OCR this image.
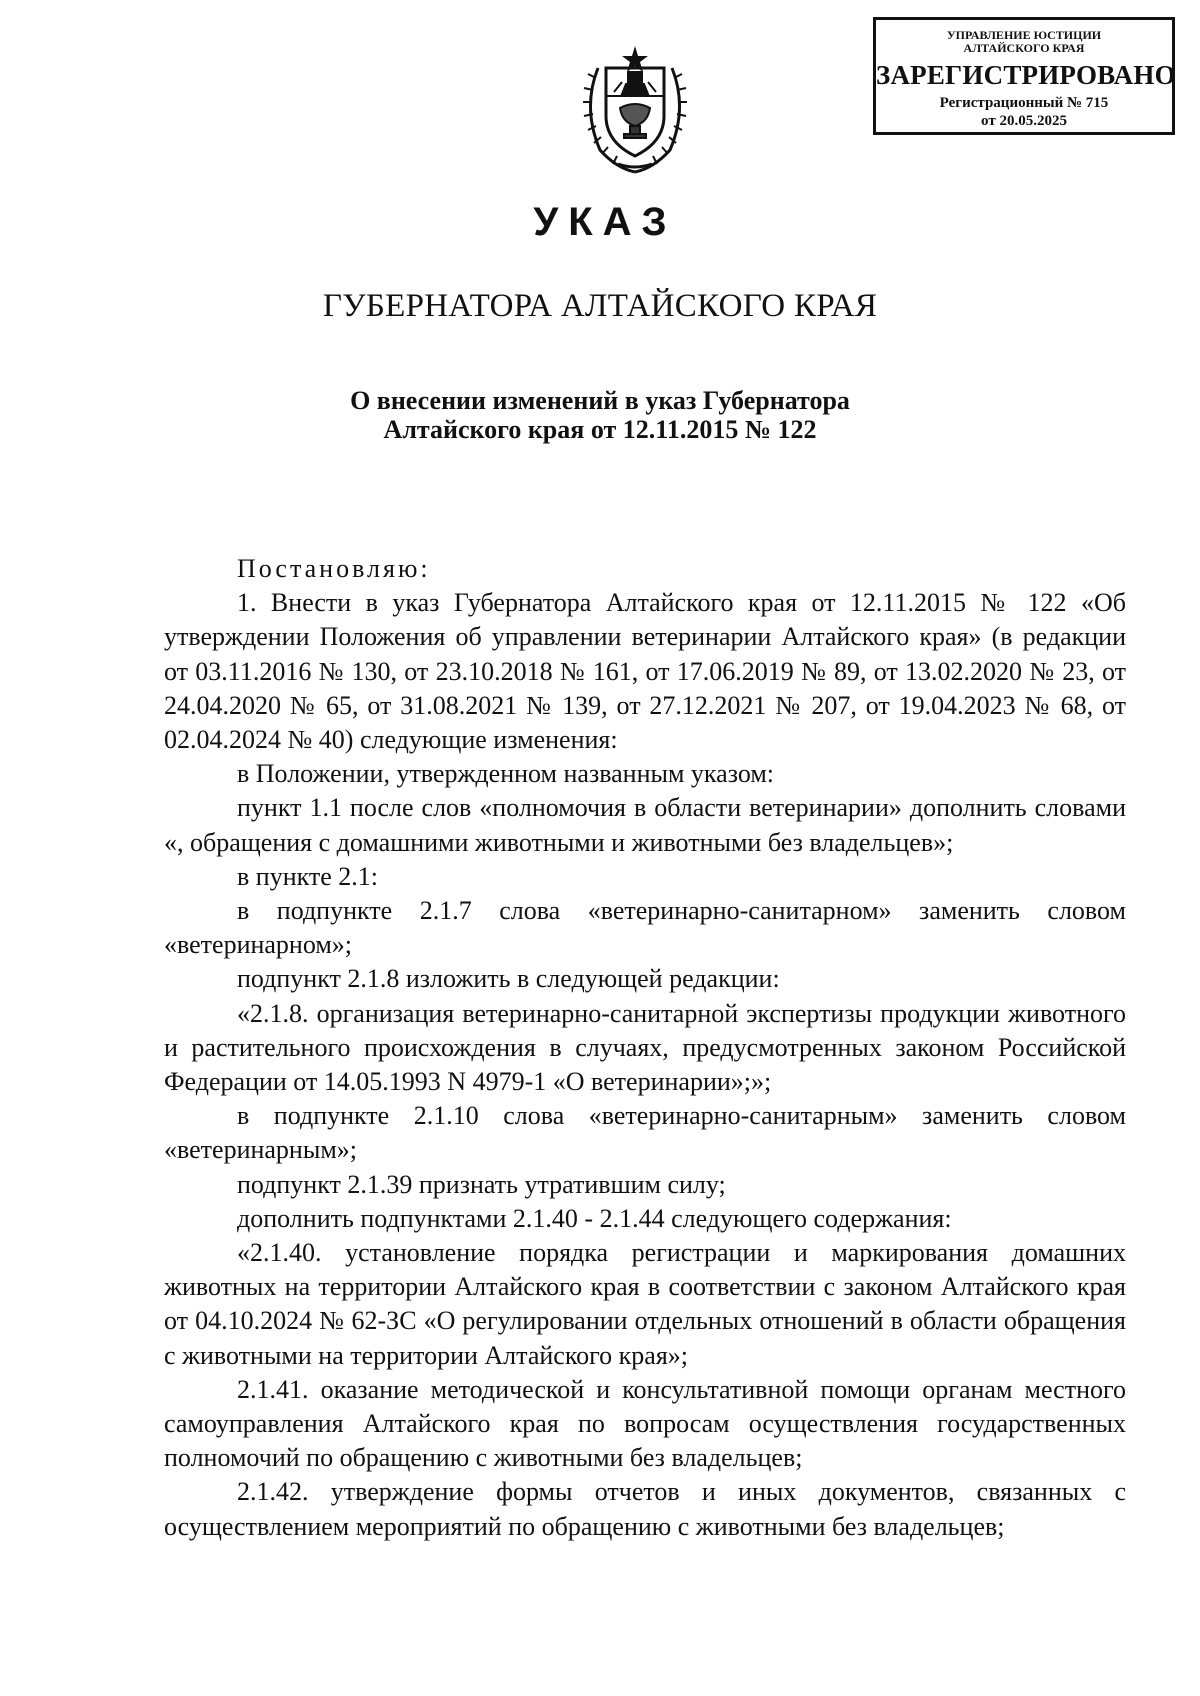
УПРАВЛЕНИЕ ЮСТИЦИИ
АЛТАЙСКОГО КРАЯ
ЗАРЕГИСТРИРОВАНО
Регистрационный № 715
от 20.05.2025
УКАЗ
ГУБЕРНАТОРА АЛТАЙСКОГО КРАЯ
О внесении изменений в указ Губернатора
Алтайского края от 12.11.2015 № 122

Постановляю:

1. Внести в указ Губернатора Алтайского края от 12.11.2015 № 122 «Об утверждении Положения об управлении ветеринарии Алтайского края» (в редакции от 03.11.2016 № 130, от 23.10.2018 № 161, от 17.06.2019 № 89, от 13.02.2020 № 23, от 24.04.2020 № 65, от 31.08.2021 № 139, от 27.12.2021 № 207, от 19.04.2023 № 68, от 02.04.2024 № 40) следующие изменения:

в Положении, утвержденном названным указом:

пункт 1.1 после слов «полномочия в области ветеринарии» дополнить словами «, обращения с домашними животными и животными без владельцев»;

в пункте 2.1:

в подпункте 2.1.7 слова «ветеринарно-санитарном» заменить словом «ветеринарном»;

подпункт 2.1.8 изложить в следующей редакции:

«2.1.8. организация ветеринарно-санитарной экспертизы продукции животного и растительного происхождения в случаях, предусмотренных законом Российской Федерации от 14.05.1993 N 4979-1 «О ветеринарии»;»;

в подпункте 2.1.10 слова «ветеринарно-санитарным» заменить словом «ветеринарным»;

подпункт 2.1.39 признать утратившим силу;

дополнить подпунктами 2.1.40 - 2.1.44 следующего содержания:

«2.1.40. установление порядка регистрации и маркирования домашних животных на территории Алтайского края в соответствии с законом Алтайского края от 04.10.2024 № 62-ЗС «О регулировании отдельных отношений в области обращения с животными на территории Алтайского края»;

2.1.41. оказание методической и консультативной помощи органам местного самоуправления Алтайского края по вопросам осуществления государственных полномочий по обращению с животными без владельцев;

2.1.42. утверждение формы отчетов и иных документов, связанных с осуществлением мероприятий по обращению с животными без владельцев;
